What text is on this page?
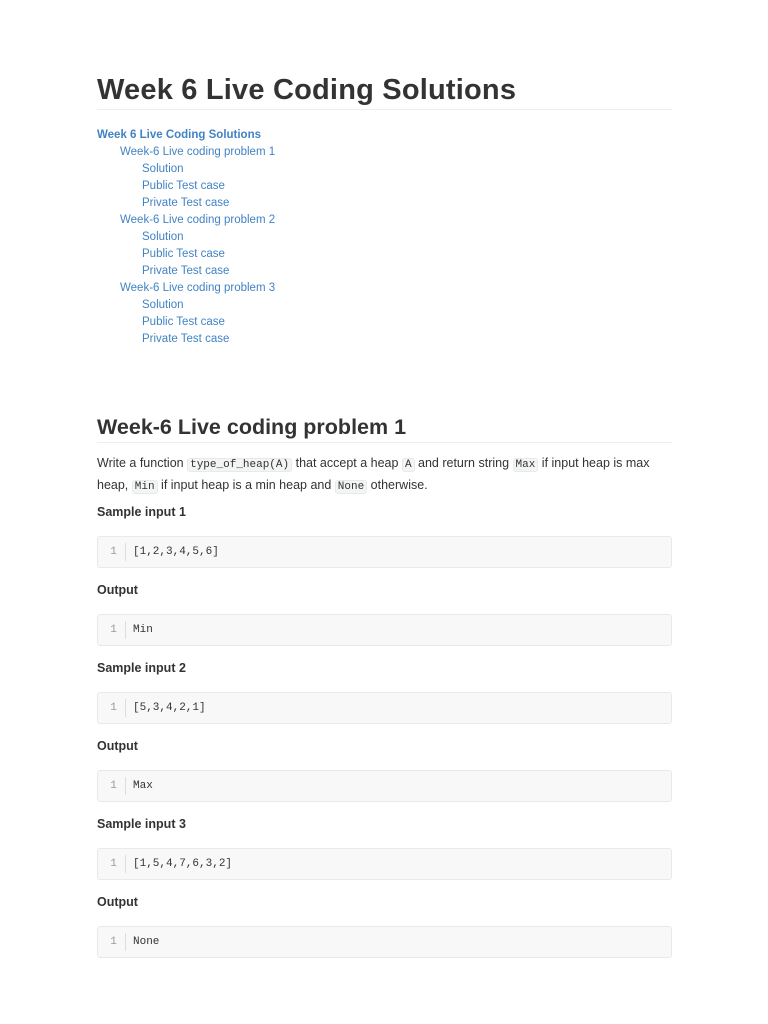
Week 6 Live Coding Solutions
Week 6 Live Coding Solutions
Week-6 Live coding problem 1
Solution
Public Test case
Private Test case
Week-6 Live coding problem 2
Solution
Public Test case
Private Test case
Week-6 Live coding problem 3
Solution
Public Test case
Private Test case
Week-6 Live coding problem 1

Write a function type_of_heap(A) that accept a heap A and return string Max if input heap is max heap, Min if input heap is a min heap and None otherwise.

Sample input 1

1	[1,2,3,4,5,6]

Output

1	Min

Sample input 2

1	[5,3,4,2,1]

Output

1	Max

Sample input 3

1	[1,5,4,7,6,3,2]

Output

1	None
